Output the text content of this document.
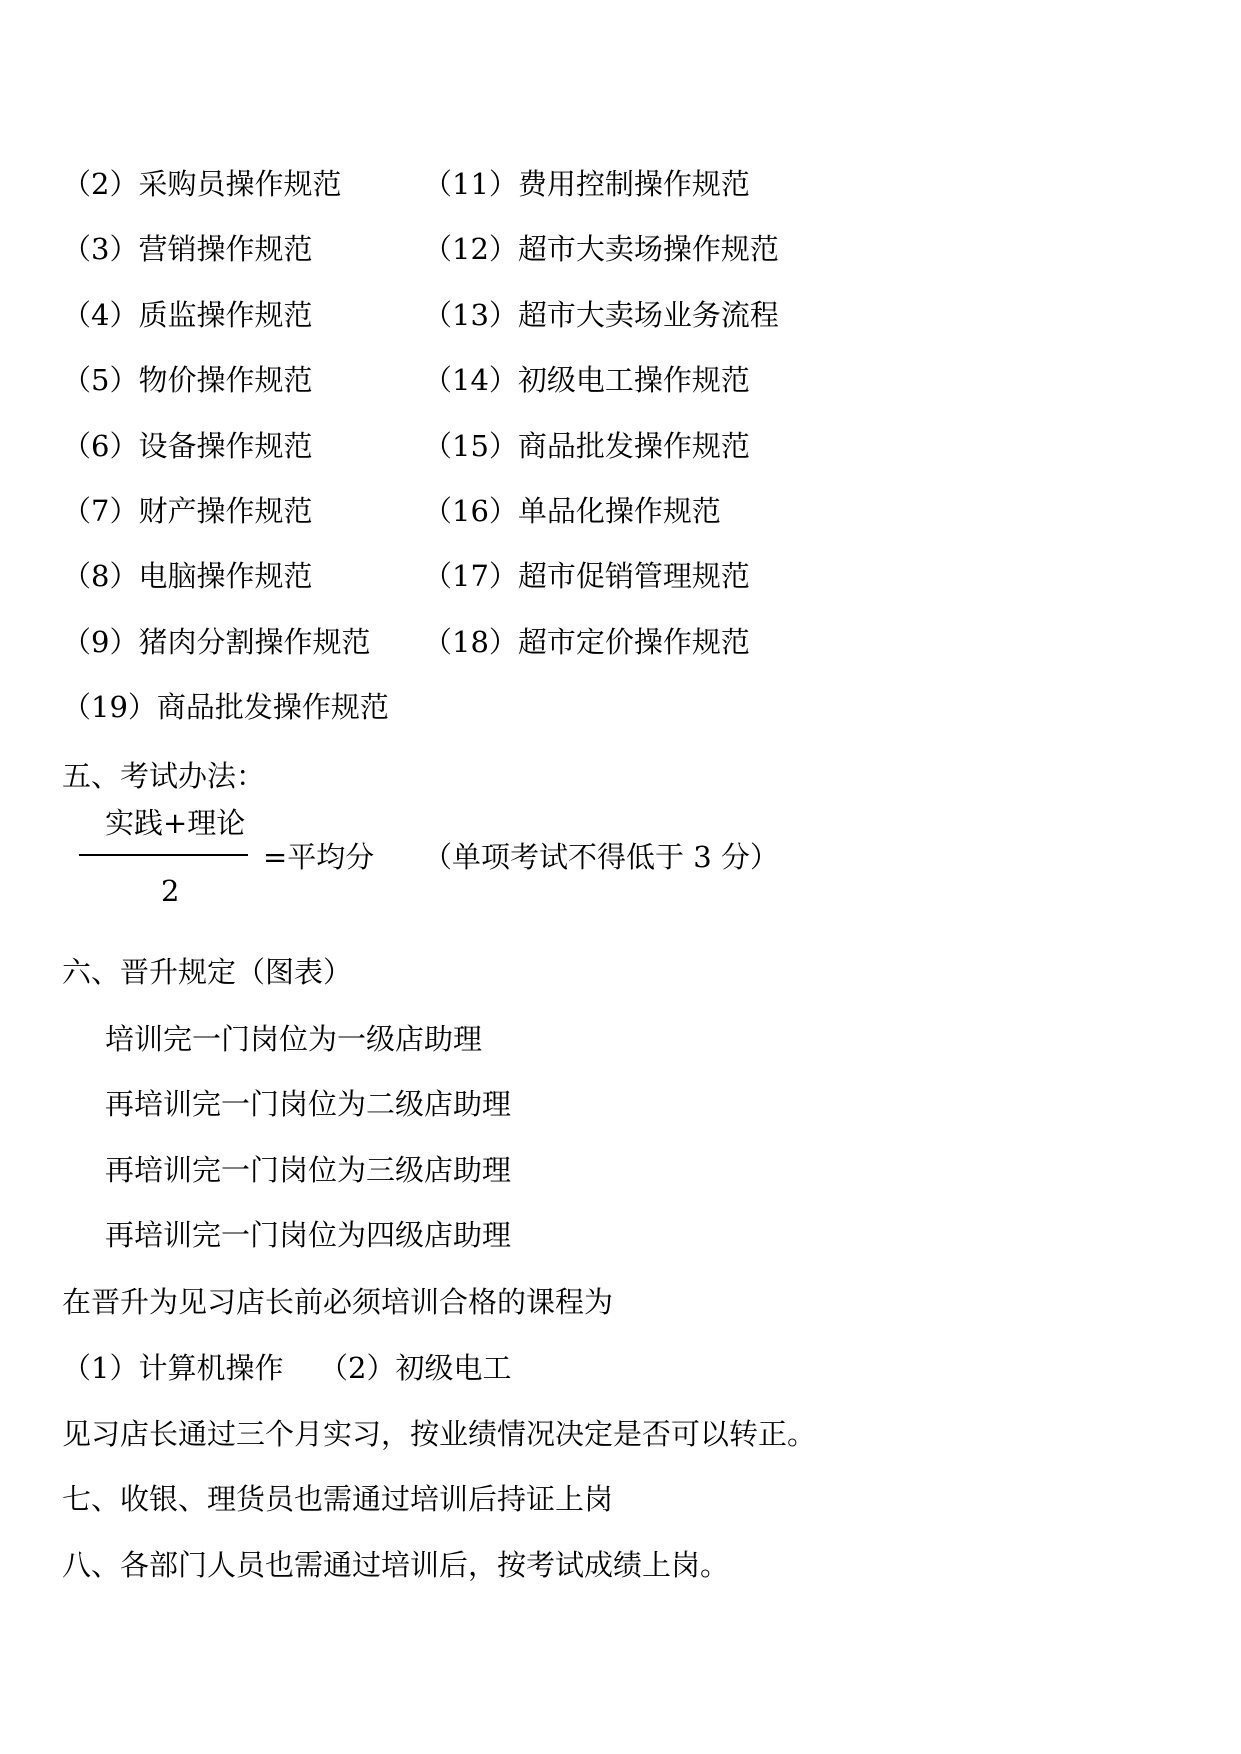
（2）采购员操作规范	（11）费用控制操作规范
（3）营销操作规范	（12）超市大卖场操作规范
（4）质监操作规范	（13）超市大卖场业务流程
（5）物价操作规范	（14）初级电工操作规范
（6）设备操作规范	（15）商品批发操作规范
（7）财产操作规范	（16）单品化操作规范
（8）电脑操作规范	（17）超市促销管理规范
（9）猪肉分割操作规范 （18）超市定价操作规范
（19）商品批发操作规范
五、考试办法：
实践+理论
=平均分 （单项考试不得低于 3 分）
2
六、晋升规定（图表）
培训完一门岗位为一级店助理
再培训完一门岗位为二级店助理
再培训完一门岗位为三级店助理
再培训完一门岗位为四级店助理
在晋升为见习店长前必须培训合格的课程为
（1）计算机操作 （2）初级电工
见习店长通过三个月实习，按业绩情况决定是否可以转正。
七、收银、理货员也需通过培训后持证上岗
八、各部门人员也需通过培训后，按考试成绩上岗。
